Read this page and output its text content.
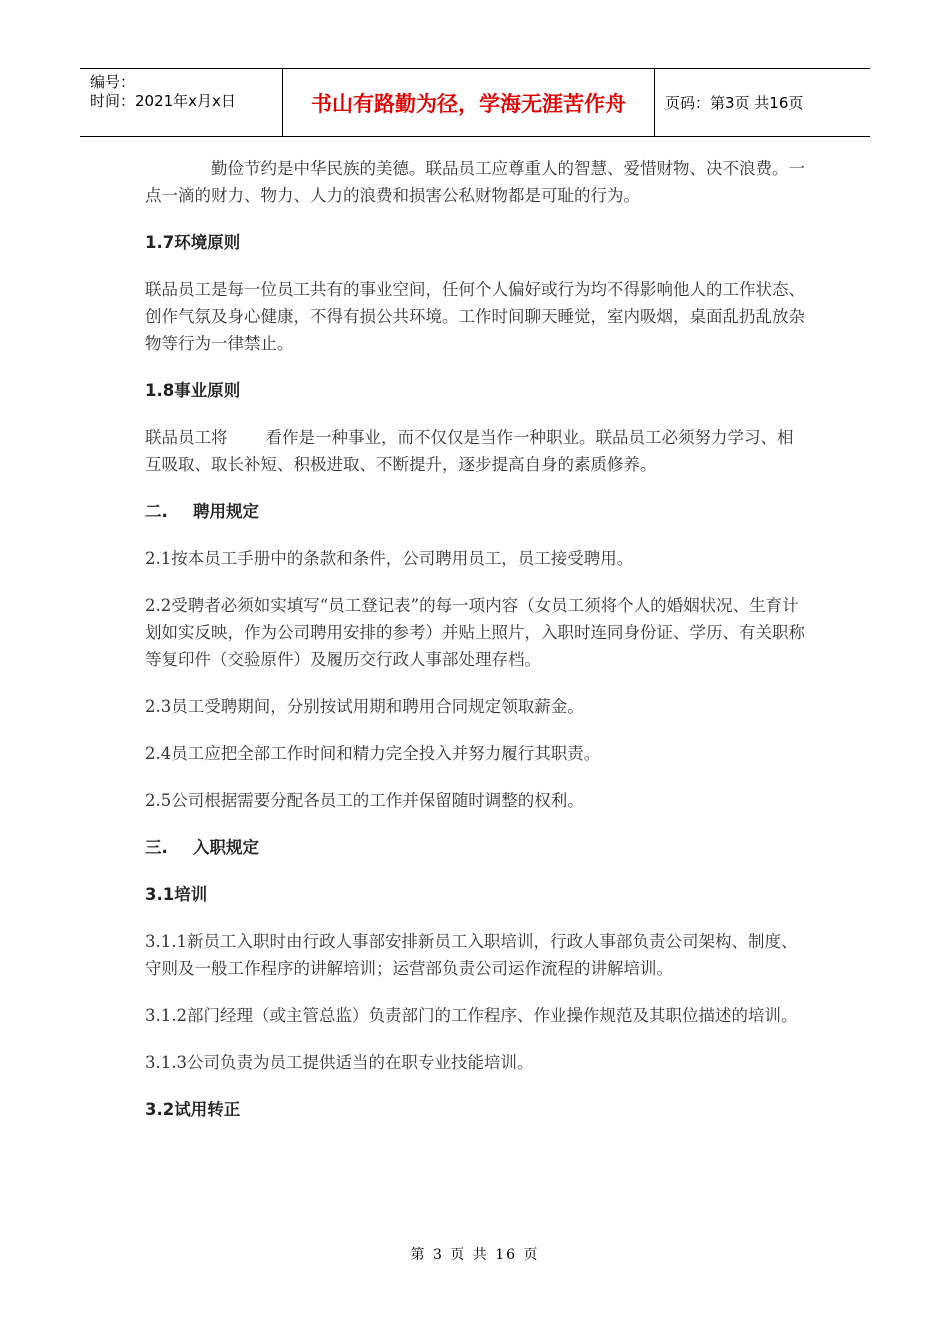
编号：
时间：2021年x月x日	书山有路勤为径，学海无涯苦作舟	页码：第3页 共16页

勤俭节约是中华民族的美德。联品员工应尊重人的智慧、爱惜财物、决不浪费。一点一滴的财力、物力、人力的浪费和损害公私财物都是可耻的行为。

1.7环境原则

联品员工是每一位员工共有的事业空间，任何个人偏好或行为均不得影响他人的工作状态、创作气氛及身心健康，不得有损公共环境。工作时间聊天睡觉，室内吸烟，桌面乱扔乱放杂物等行为一律禁止。

1.8事业原则

联品员工将 看作是一种事业，而不仅仅是当作一种职业。联品员工必须努力学习、相互吸取、取长补短、积极进取、不断提升，逐步提高自身的素质修养。

二. 聘用规定

2.1按本员工手册中的条款和条件，公司聘用员工，员工接受聘用。

2.2受聘者必须如实填写“员工登记表”的每一项内容（女员工须将个人的婚姻状况、生育计划如实反映，作为公司聘用安排的参考）并贴上照片，入职时连同身份证、学历、有关职称等复印件（交验原件）及履历交行政人事部处理存档。

2.3员工受聘期间，分别按试用期和聘用合同规定领取薪金。

2.4员工应把全部工作时间和精力完全投入并努力履行其职责。

2.5公司根据需要分配各员工的工作并保留随时调整的权利。

三. 入职规定
3.1培训

3.1.1新员工入职时由行政人事部安排新员工入职培训，行政人事部负责公司架构、制度、守则及一般工作程序的讲解培训；运营部负责公司运作流程的讲解培训。

3.1.2部门经理（或主管总监）负责部门的工作程序、作业操作规范及其职位描述的培训。

3.1.3公司负责为员工提供适当的在职专业技能培训。

3.2试用转正
第 3 页 共 16 页
